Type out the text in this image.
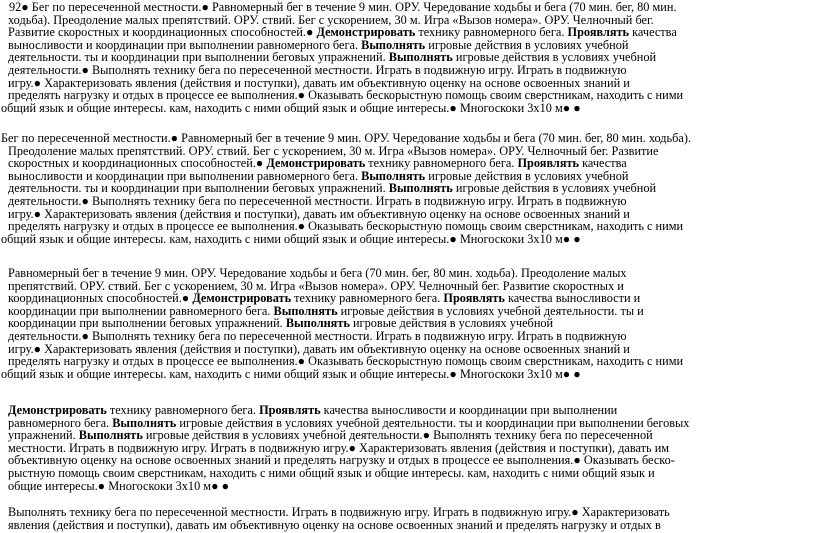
92● Бег по пересеченной местности.● Равномерный бег в течение 9 мин. ОРУ. Чередование ходьбы и бега (70 мин. бег, 80 мин.
ходьба). Преодоление малых препятствий. ОРУ. ствий. Бег с ускорением, 30 м. Игра «Вызов номера». ОРУ. Челночный бег.
Развитие скоростных и координационных способностей.● Демонстрировать технику равномерного бега. Проявлять качества
выносливости и координации при выполнении равномерного бега. Выполнять игровые действия в условиях учебной
деятельности. ты и координации при выполнении беговых упражнений. Выполнять игровые действия в условиях учебной
деятельности.● Выполнять технику бега по пересеченной местности. Играть в подвижную игру. Играть в подвижную
игру.● Характеризовать явления (действия и поступки), давать им объективную оценку на основе освоенных знаний и
пределять нагрузку и отдых в процессе ее выполнения.● Оказывать бескорыстную помощь своим сверстникам, находить с ними
общий язык и общие интересы. кам, находить с ними общий язык и общие интересы.● Многоскоки 3х10 м● ●
Бег по пересеченной местности.● Равномерный бег в течение 9 мин. ОРУ. Чередование ходьбы и бега (70 мин. бег, 80 мин. ходьба).
Преодоление малых препятствий. ОРУ. ствий. Бег с ускорением, 30 м. Игра «Вызов номера». ОРУ. Челночный бег. Развитие
скоростных и координационных способностей.● Демонстрировать технику равномерного бега. Проявлять качества
выносливости и координации при выполнении равномерного бега. Выполнять игровые действия в условиях учебной
деятельности. ты и координации при выполнении беговых упражнений. Выполнять игровые действия в условиях учебной
деятельности.● Выполнять технику бега по пересеченной местности. Играть в подвижную игру. Играть в подвижную
игру.● Характеризовать явления (действия и поступки), давать им объективную оценку на основе освоенных знаний и
пределять нагрузку и отдых в процессе ее выполнения.● Оказывать бескорыстную помощь своим сверстникам, находить с ними
общий язык и общие интересы. кам, находить с ними общий язык и общие интересы.● Многоскоки 3х10 м● ●
Равномерный бег в течение 9 мин. ОРУ. Чередование ходьбы и бега (70 мин. бег, 80 мин. ходьба). Преодоление малых
препятствий. ОРУ. ствий. Бег с ускорением, 30 м. Игра «Вызов номера». ОРУ. Челночный бег. Развитие скоростных и
координационных способностей.● Демонстрировать технику равномерного бега. Проявлять качества выносливости и
координации при выполнении равномерного бега. Выполнять игровые действия в условиях учебной деятельности. ты и
координации при выполнении беговых упражнений. Выполнять игровые действия в условиях учебной
деятельности.● Выполнять технику бега по пересеченной местности. Играть в подвижную игру. Играть в подвижную
игру.● Характеризовать явления (действия и поступки), давать им объективную оценку на основе освоенных знаний и
пределять нагрузку и отдых в процессе ее выполнения.● Оказывать бескорыстную помощь своим сверстникам, находить с ними
общий язык и общие интересы. кам, находить с ними общий язык и общие интересы.● Многоскоки 3х10 м● ●
Демонстрировать технику равномерного бега. Проявлять качества выносливости и координации при выполнении
равномерного бега. Выполнять игровые действия в условиях учебной деятельности. ты и координации при выполнении беговых
упражнений. Выполнять игровые действия в условиях учебной деятельности.● Выполнять технику бега по пересеченной
местности. Играть в подвижную игру. Играть в подвижную игру.● Характеризовать явления (действия и поступки), давать им
объективную оценку на основе освоенных знаний и пределять нагрузку и отдых в процессе ее выполнения.● Оказывать беско-
рыстную помощь своим сверстникам, находить с ними общий язык и общие интересы. кам, находить с ними общий язык и
общие интересы.● Многоскоки 3х10 м● ●
Выполнять технику бега по пересеченной местности. Играть в подвижную игру. Играть в подвижную игру.● Характеризовать
явления (действия и поступки), давать им объективную оценку на основе освоенных знаний и пределять нагрузку и отдых в
